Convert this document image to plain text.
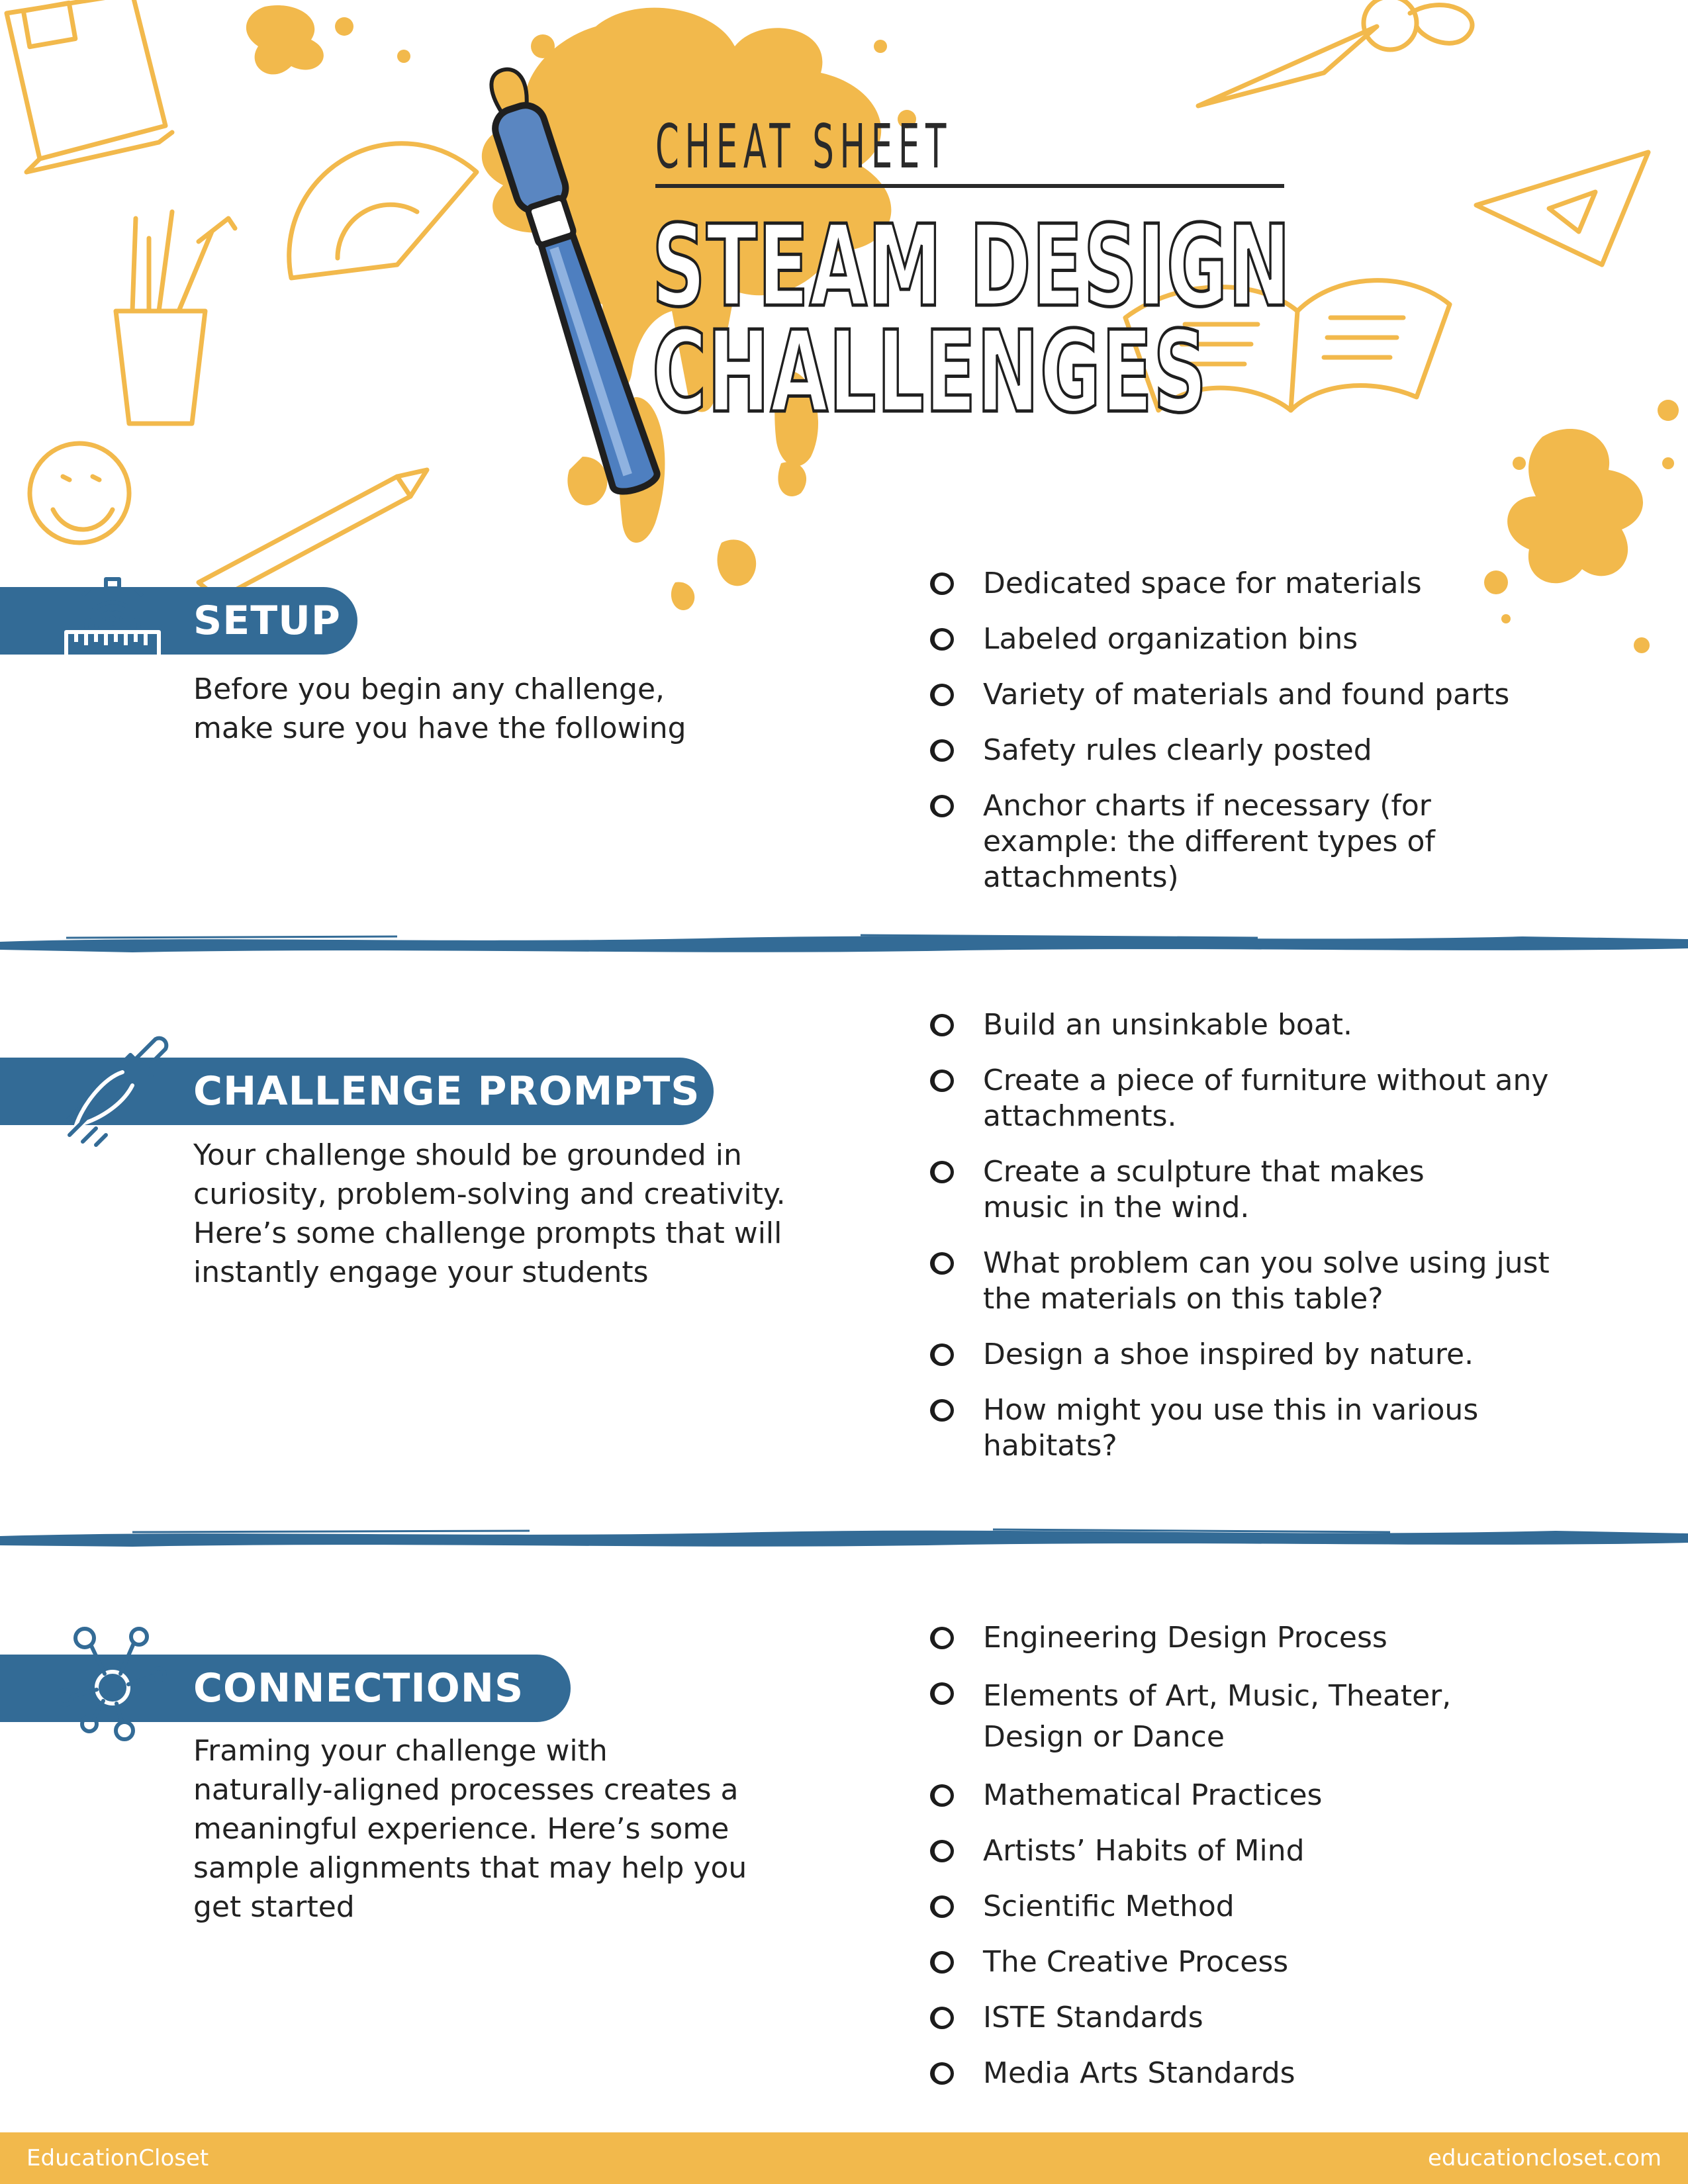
CHEAT SHEET
STEAM DESIGN
CHALLENGES
SETUP
Before you begin any challenge,
make sure you have the following
Dedicated space for materials
Labeled organization bins
Variety of materials and found parts
Safety rules clearly posted
Anchor charts if necessary (for example: the different types of attachments)
CHALLENGE PROMPTS
Your challenge should be grounded in
curiosity, problem-solving and creativity.
Here’s some challenge prompts that will
instantly engage your students
Build an unsinkable boat.
Create a piece of furniture without any attachments.
Create a sculpture that makes music in the wind.
What problem can you solve using just the materials on this table?
Design a shoe inspired by nature.
How might you use this in various habitats?
CONNECTIONS
Framing your challenge with
naturally-aligned processes creates a
meaningful experience. Here’s some
sample alignments that may help you
get started
Engineering Design Process
Elements of Art, Music, Theater, Design or Dance
Mathematical Practices
Artists’ Habits of Mind
Scientific Method
The Creative Process
ISTE Standards
Media Arts Standards
EducationCloset	educationcloset.com
